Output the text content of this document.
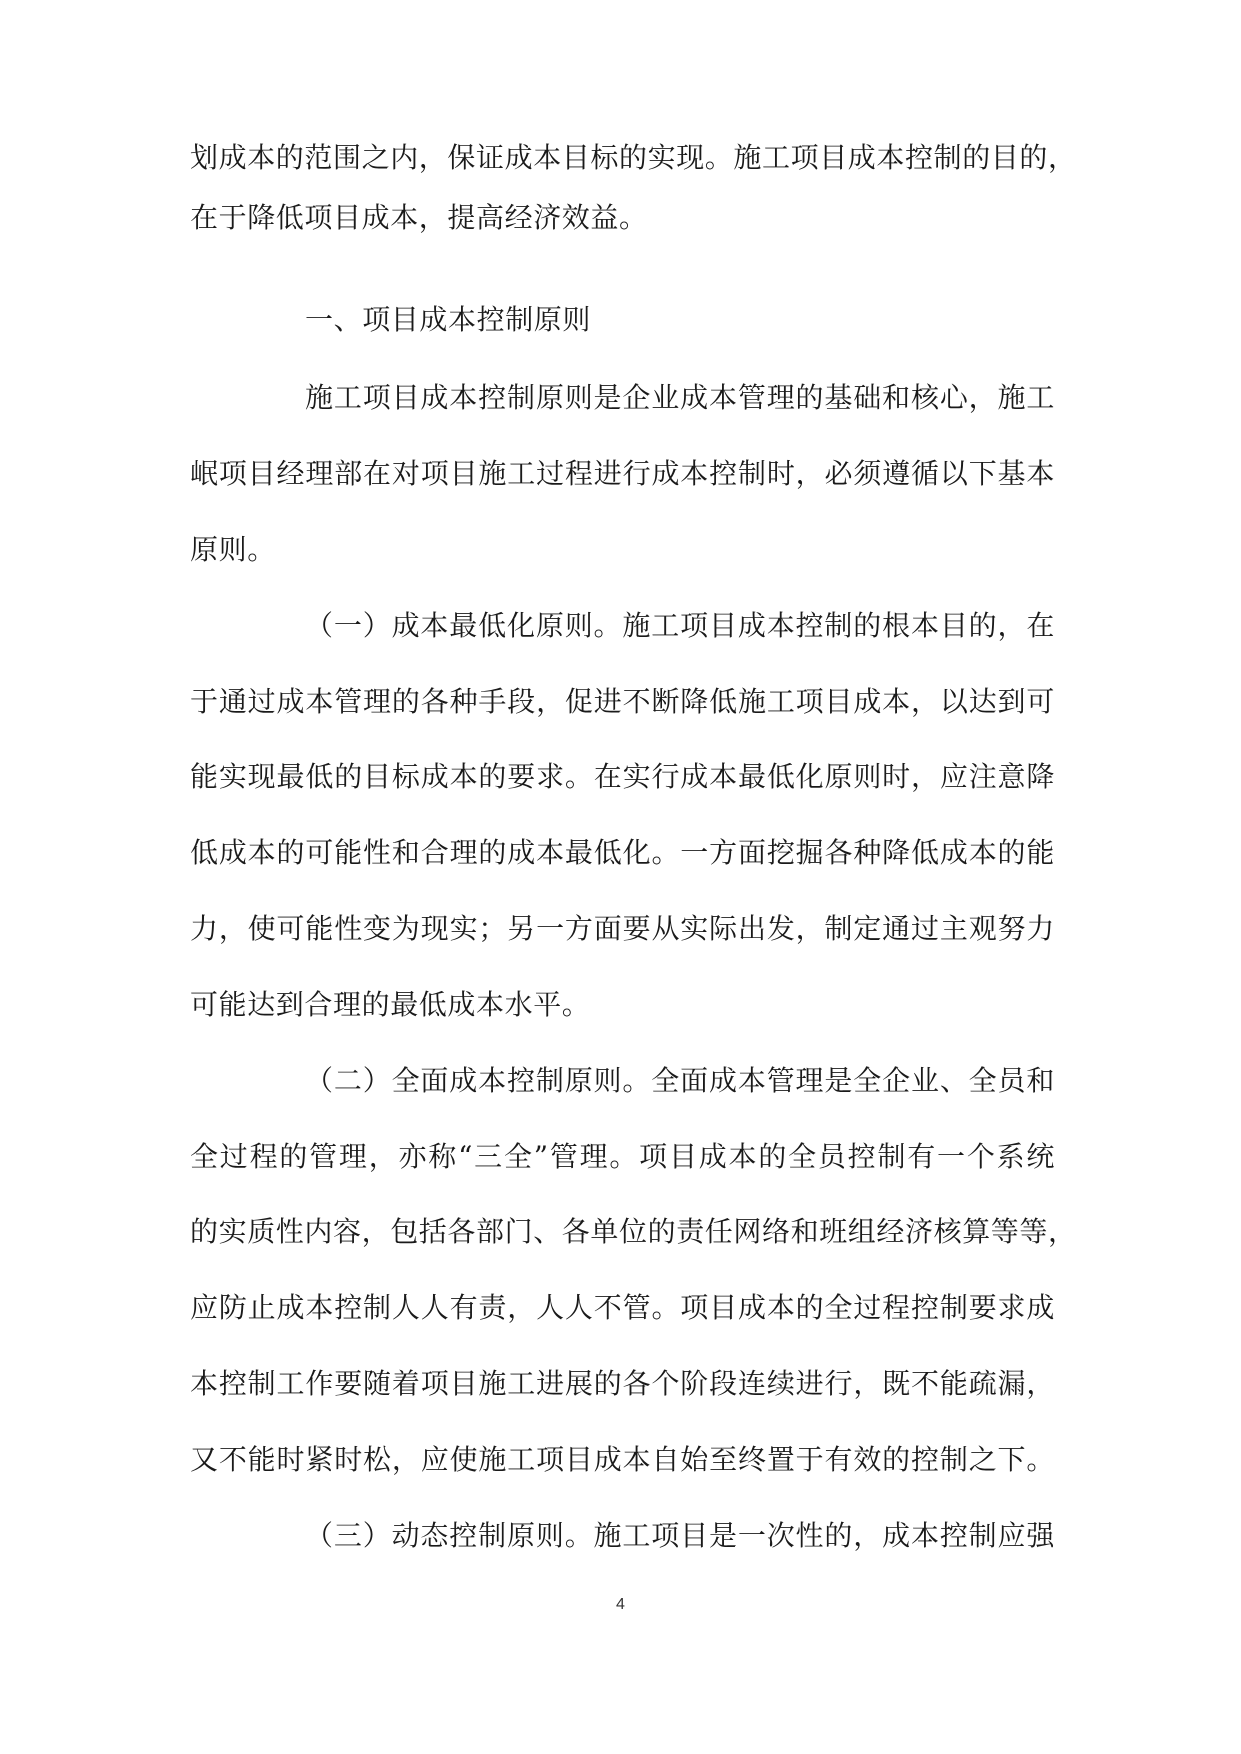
划成本的范围之内，保证成本目标的实现。施工项目成本控制的目的，
在于降低项目成本，提高经济效益。
一、项目成本控制原则
施工项目成本控制原则是企业成本管理的基础和核心，施工
岷项目经理部在对项目施工过程进行成本控制时，必须遵循以下基本
原则。
（一）成本最低化原则。施工项目成本控制的根本目的，在
于通过成本管理的各种手段，促进不断降低施工项目成本，以达到可
能实现最低的目标成本的要求。在实行成本最低化原则时，应注意降
低成本的可能性和合理的成本最低化。一方面挖掘各种降低成本的能
力，使可能性变为现实；另一方面要从实际出发，制定通过主观努力
可能达到合理的最低成本水平。
（二）全面成本控制原则。全面成本管理是全企业、全员和
全过程的管理，亦称“三全”管理。项目成本的全员控制有一个系统
的实质性内容，包括各部门、各单位的责任网络和班组经济核算等等，
应防止成本控制人人有责，人人不管。项目成本的全过程控制要求成
本控制工作要随着项目施工进展的各个阶段连续进行，既不能疏漏，
又不能时紧时松，应使施工项目成本自始至终置于有效的控制之下。
（三）动态控制原则。施工项目是一次性的，成本控制应强
4
